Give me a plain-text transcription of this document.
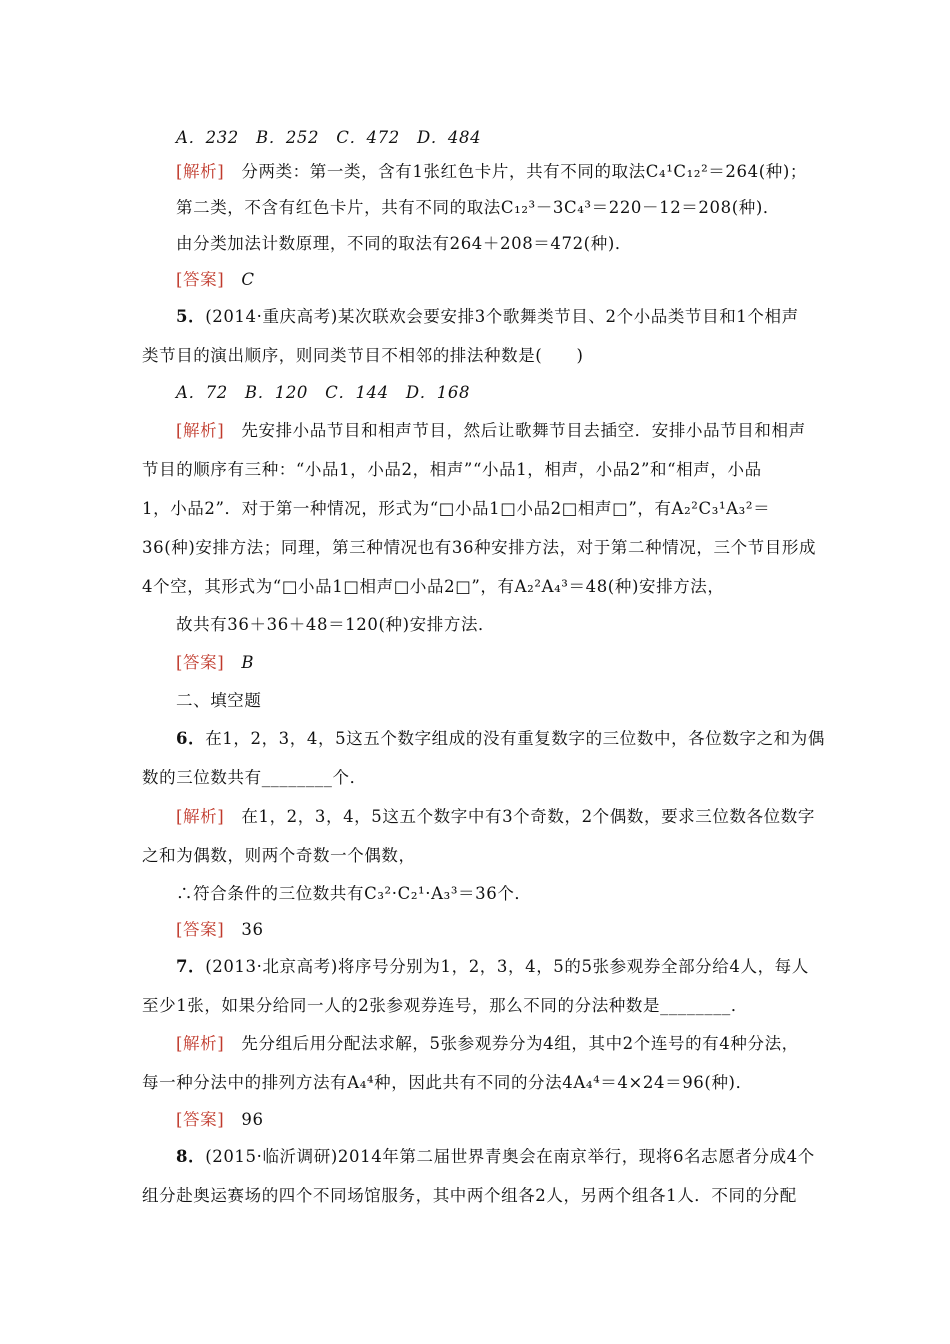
A．232　B．252　C．472　D．484
[解析]　分两类：第一类，含有1张红色卡片，共有不同的取法C₄¹C₁₂²＝264(种)；
第二类，不含有红色卡片，共有不同的取法C₁₂³－3C₄³＝220－12＝208(种)．
由分类加法计数原理，不同的取法有264＋208＝472(种)．
[答案]　C
5．(2014·重庆高考)某次联欢会要安排3个歌舞类节目、2个小品类节目和1个相声
类节目的演出顺序，则同类节目不相邻的排法种数是(　　)
A．72　B．120　C．144　D．168
[解析]　先安排小品节目和相声节目，然后让歌舞节目去插空．安排小品节目和相声
节目的顺序有三种：“小品1，小品2，相声”“小品1，相声，小品2”和“相声，小品
1，小品2”．对于第一种情况，形式为“□小品1□小品2□相声□”，有A₂²C₃¹A₃²＝
36(种)安排方法；同理，第三种情况也有36种安排方法，对于第二种情况，三个节目形成
4个空，其形式为“□小品1□相声□小品2□”，有A₂²A₄³＝48(种)安排方法，
故共有36＋36＋48＝120(种)安排方法．
[答案]　B
二、填空题
6．在1，2，3，4，5这五个数字组成的没有重复数字的三位数中，各位数字之和为偶
数的三位数共有________个．
[解析]　在1，2，3，4，5这五个数字中有3个奇数，2个偶数，要求三位数各位数字
之和为偶数，则两个奇数一个偶数，
∴符合条件的三位数共有C₃²·C₂¹·A₃³＝36个．
[答案]　36
7．(2013·北京高考)将序号分别为1，2，3，4，5的5张参观券全部分给4人，每人
至少1张，如果分给同一人的2张参观券连号，那么不同的分法种数是________．
[解析]　先分组后用分配法求解，5张参观券分为4组，其中2个连号的有4种分法，
每一种分法中的排列方法有A₄⁴种，因此共有不同的分法4A₄⁴＝4×24＝96(种)．
[答案]　96
8．(2015·临沂调研)2014年第二届世界青奥会在南京举行，现将6名志愿者分成4个
组分赴奥运赛场的四个不同场馆服务，其中两个组各2人，另两个组各1人．不同的分配
